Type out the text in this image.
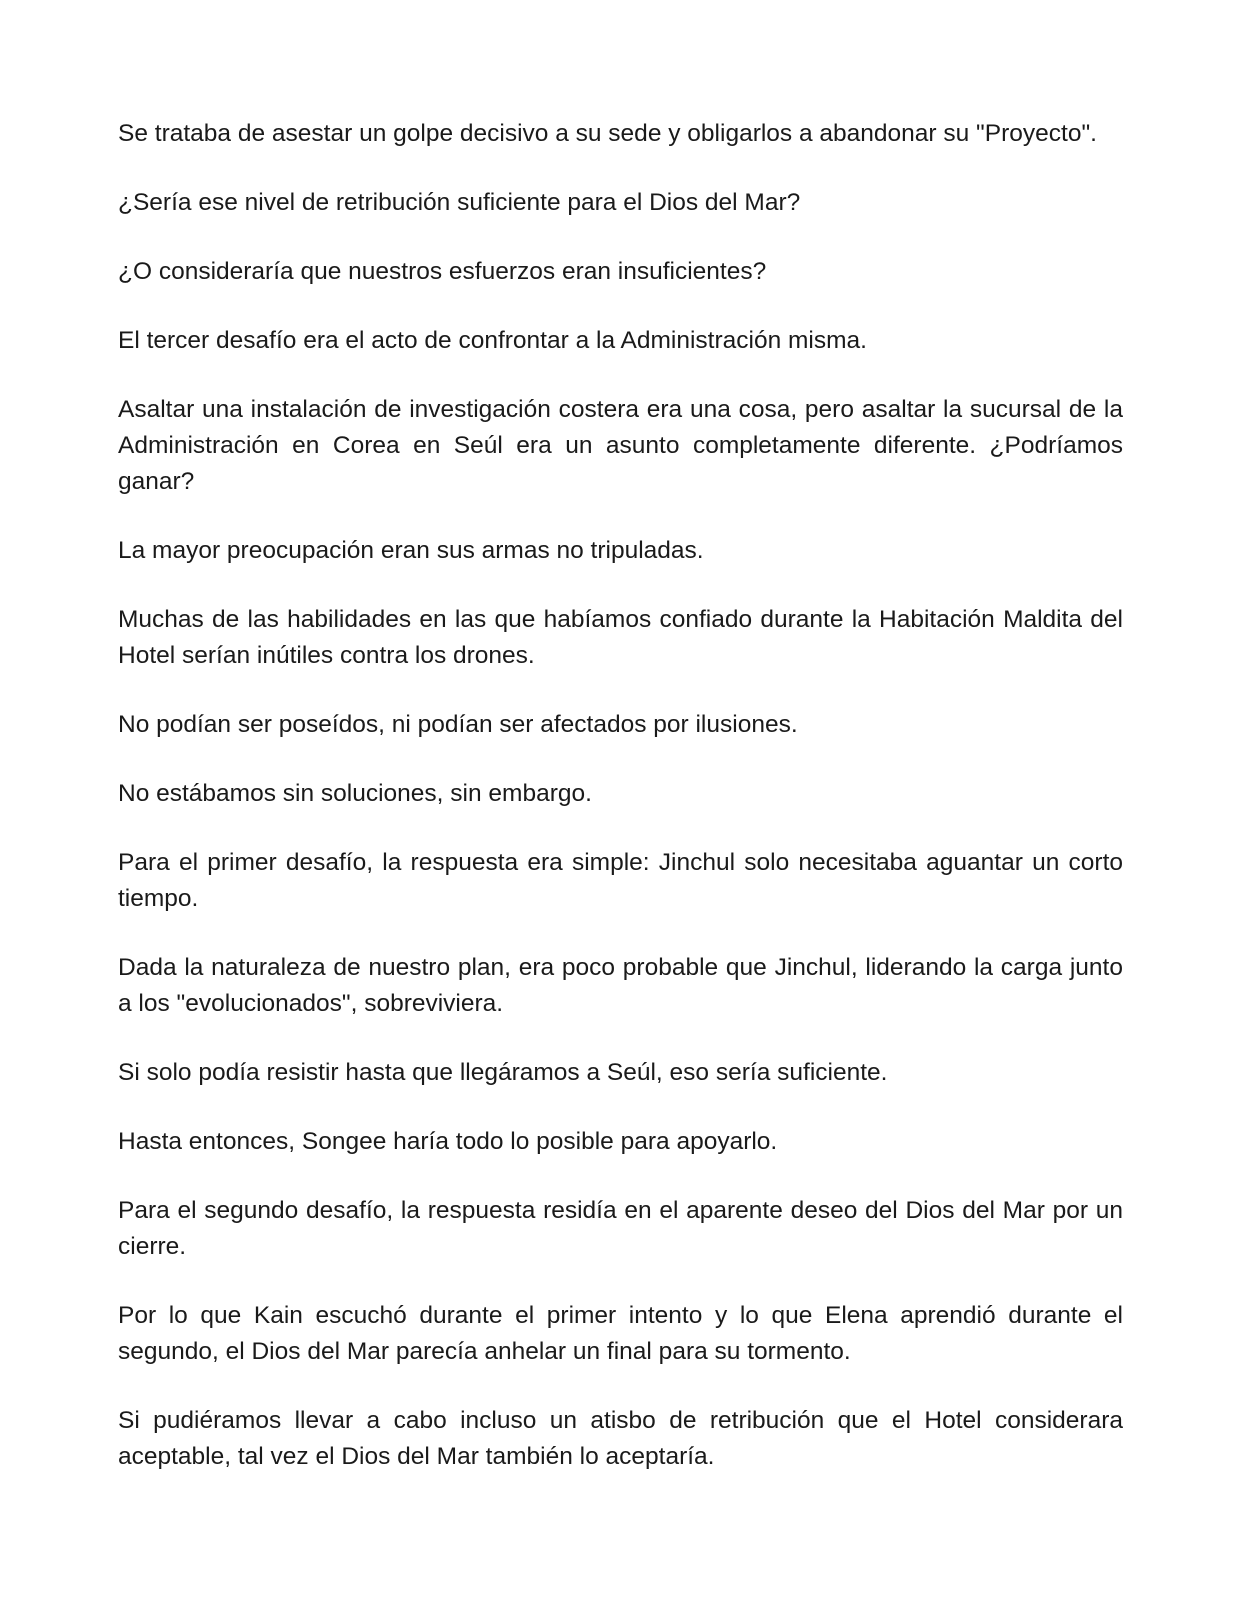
Se trataba de asestar un golpe decisivo a su sede y obligarlos a abandonar su "Proyecto".

¿Sería ese nivel de retribución suficiente para el Dios del Mar?

¿O consideraría que nuestros esfuerzos eran insuficientes?

El tercer desafío era el acto de confrontar a la Administración misma.

Asaltar una instalación de investigación costera era una cosa, pero asaltar la sucursal de la Administración en Corea en Seúl era un asunto completamente diferente. ¿Podríamos ganar?

La mayor preocupación eran sus armas no tripuladas.

Muchas de las habilidades en las que habíamos confiado durante la Habitación Maldita del Hotel serían inútiles contra los drones.

No podían ser poseídos, ni podían ser afectados por ilusiones.

No estábamos sin soluciones, sin embargo.

Para el primer desafío, la respuesta era simple: Jinchul solo necesitaba aguantar un corto tiempo.

Dada la naturaleza de nuestro plan, era poco probable que Jinchul, liderando la carga junto a los "evolucionados", sobreviviera.

Si solo podía resistir hasta que llegáramos a Seúl, eso sería suficiente.

Hasta entonces, Songee haría todo lo posible para apoyarlo.

Para el segundo desafío, la respuesta residía en el aparente deseo del Dios del Mar por un cierre.

Por lo que Kain escuchó durante el primer intento y lo que Elena aprendió durante el segundo, el Dios del Mar parecía anhelar un final para su tormento.

Si pudiéramos llevar a cabo incluso un atisbo de retribución que el Hotel considerara aceptable, tal vez el Dios del Mar también lo aceptaría.
